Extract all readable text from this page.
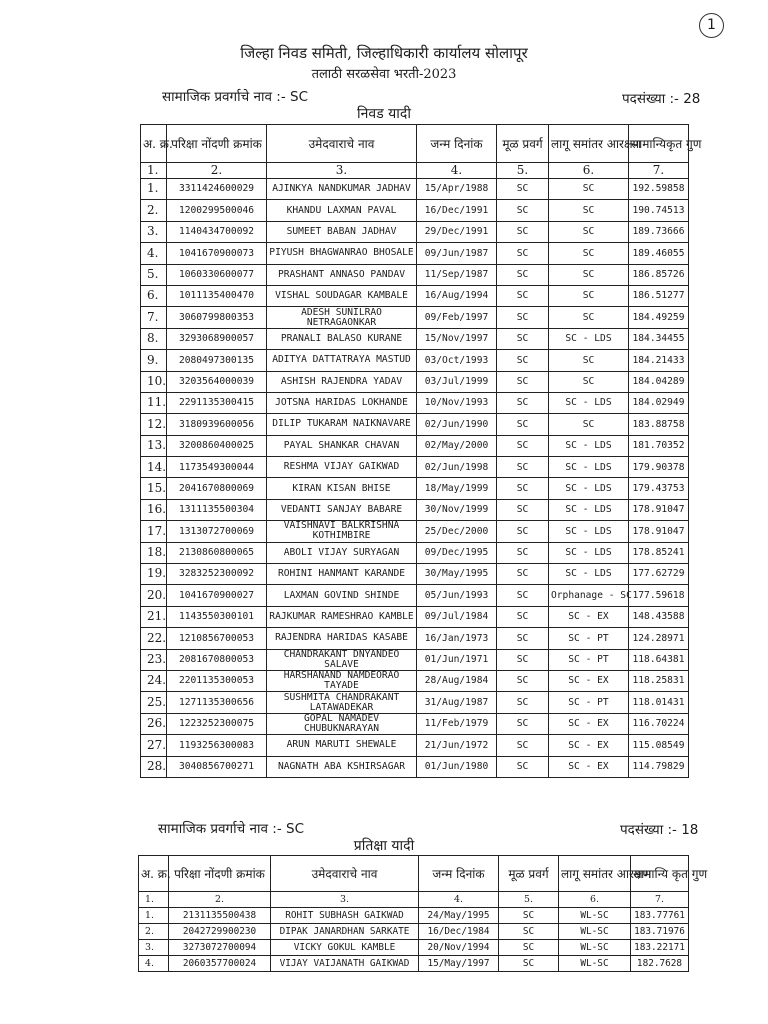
1
जिल्हा निवड समिती, जिल्हाधिकारी कार्यालय सोलापूर
तलाठी सरळसेवा भरती-2023
सामाजिक प्रवर्गाचे नाव :- SC	पदसंख्या :- 28
निवड यादी
अ. क्र.	परिक्षा नोंदणी क्रमांक	उमेदवाराचे नाव	जन्म दिनांक	मूळ प्रवर्ग	लागू समांतर आरक्षण	सामान्यिकृत गुण
1.	2.	3.	4.	5.	6.	7.
1.	3311424600029	AJINKYA NANDKUMAR JADHAV	15/Apr/1988	SC	SC	192.59858
2.	1200299500046	KHANDU LAXMAN PAVAL	16/Dec/1991	SC	SC	190.74513
3.	1140434700092	SUMEET BABAN JADHAV	29/Dec/1991	SC	SC	189.73666
4.	1041670900073	PIYUSH BHAGWANRAO BHOSALE	09/Jun/1987	SC	SC	189.46055
5.	1060330600077	PRASHANT ANNASO PANDAV	11/Sep/1987	SC	SC	186.85726
6.	1011135400470	VISHAL SOUDAGAR KAMBALE	16/Aug/1994	SC	SC	186.51277
7.	3060799800353	ADESH SUNILRAO NETRAGAONKAR	09/Feb/1997	SC	SC	184.49259
8.	3293068900057	PRANALI BALASO KURANE	15/Nov/1997	SC	SC - LDS	184.34455
9.	2080497300135	ADITYA DATTATRAYA MASTUD	03/Oct/1993	SC	SC	184.21433
10.	3203564000039	ASHISH RAJENDRA YADAV	03/Jul/1999	SC	SC	184.04289
11.	2291135300415	JOTSNA HARIDAS LOKHANDE	10/Nov/1993	SC	SC - LDS	184.02949
12.	3180939600056	DILIP TUKARAM NAIKNAVARE	02/Jun/1990	SC	SC	183.88758
13.	3200860400025	PAYAL SHANKAR CHAVAN	02/May/2000	SC	SC - LDS	181.70352
14.	1173549300044	RESHMA VIJAY GAIKWAD	02/Jun/1998	SC	SC - LDS	179.90378
15.	2041670800069	KIRAN KISAN BHISE	18/May/1999	SC	SC - LDS	179.43753
16.	1311135500304	VEDANTI SANJAY BABARE	30/Nov/1999	SC	SC - LDS	178.91047
17.	1313072700069	VAISHNAVI BALKRISHNA KOTHIMBIRE	25/Dec/2000	SC	SC - LDS	178.91047
18.	2130860800065	ABOLI VIJAY SURYAGAN	09/Dec/1995	SC	SC - LDS	178.85241
19.	3283252300092	ROHINI HANMANT KARANDE	30/May/1995	SC	SC - LDS	177.62729
20.	1041670900027	LAXMAN GOVIND SHINDE	05/Jun/1993	SC	Orphanage - SC	177.59618
21.	1143550300101	RAJKUMAR RAMESHRAO KAMBLE	09/Jul/1984	SC	SC - EX	148.43588
22.	1210856700053	RAJENDRA HARIDAS KASABE	16/Jan/1973	SC	SC - PT	124.28971
23.	2081670800053	CHANDRAKANT DNYANDEO SALAVE	01/Jun/1971	SC	SC - PT	118.64381
24.	2201135300053	HARSHANAND NAMDEORAO TAYADE	28/Aug/1984	SC	SC - EX	118.25831
25.	1271135300656	SUSHMITA CHANDRAKANT LATAWADEKAR	31/Aug/1987	SC	SC - PT	118.01431
26.	1223252300075	GOPAL NAMADEV CHUBUKNARAYAN	11/Feb/1979	SC	SC - EX	116.70224
27.	1193256300083	ARUN MARUTI SHEWALE	21/Jun/1972	SC	SC - EX	115.08549
28.	3040856700271	NAGNATH ABA KSHIRSAGAR	01/Jun/1980	SC	SC - EX	114.79829
सामाजिक प्रवर्गाचे नाव :- SC	पदसंख्या :- 18
प्रतिक्षा यादी
अ. क्र.	परिक्षा नोंदणी क्रमांक	उमेदवाराचे नाव	जन्म दिनांक	मूळ प्रवर्ग	लागू समांतर आरक्षण	सामान्यि कृत गुण
1.	2.	3.	4.	5.	6.	7.
1.	2131135500438	ROHIT SUBHASH GAIKWAD	24/May/1995	SC	WL-SC	183.77761
2.	2042729900230	DIPAK JANARDHAN SARKATE	16/Dec/1984	SC	WL-SC	183.71976
3.	3273072700094	VICKY GOKUL KAMBLE	20/Nov/1994	SC	WL-SC	183.22171
4.	2060357700024	VIJAY VAIJANATH GAIKWAD	15/May/1997	SC	WL-SC	182.7628
